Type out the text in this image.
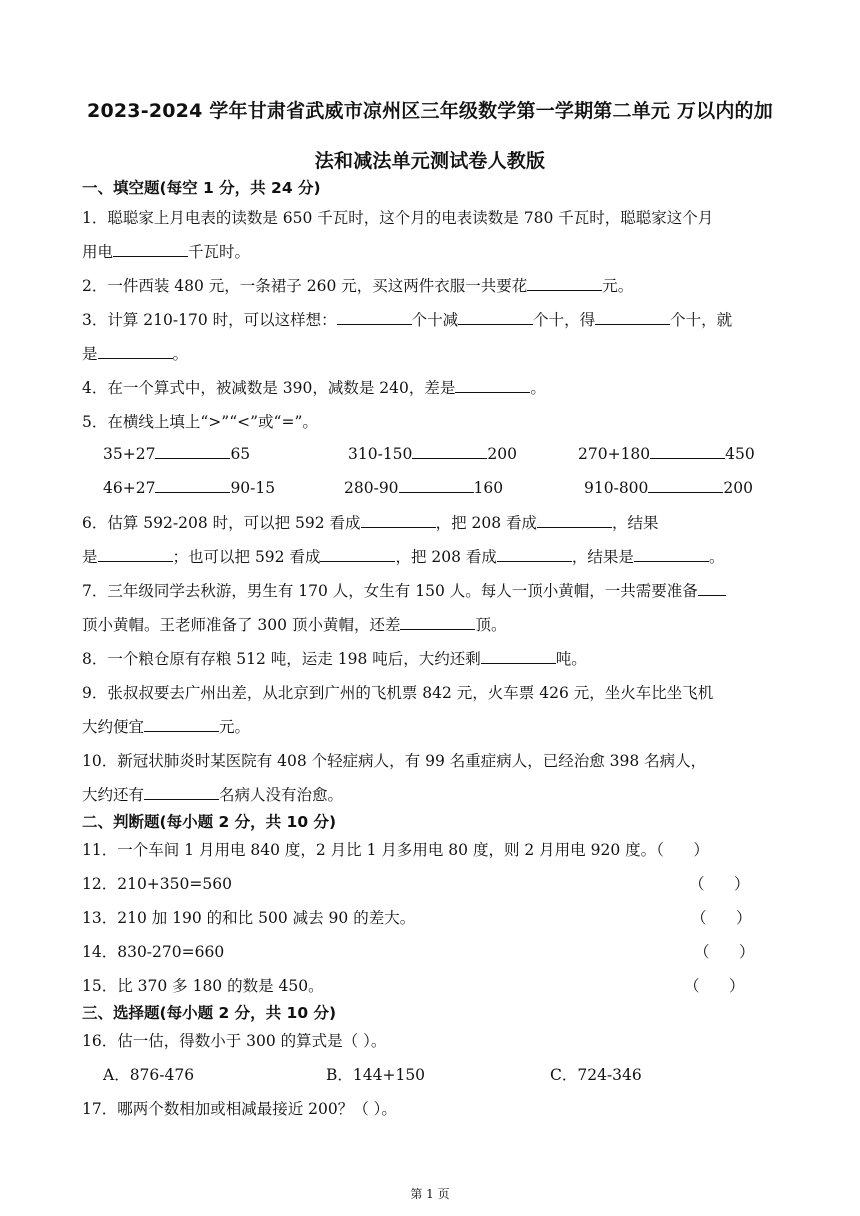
2023-2024 学年甘肃省武威市凉州区三年级数学第一学期第二单元 万以内的加
法和减法单元测试卷人教版
一、填空题(每空 1 分，共 24 分)
1．聪聪家上月电表的读数是 650 千瓦时，这个月的电表读数是 780 千瓦时，聪聪家这个月
用电	千瓦时。
2．一件西装 480 元，一条裙子 260 元，买这两件衣服一共要花	元。
3．计算 210-170 时，可以这样想：	个十减	个十，得	个十，就
是	。
4．在一个算式中，被减数是 390，减数是 240，差是	。
5．在横线上填上“>”“<”或“=”。
35+27	65	310-150	200	270+180	450
46+27	90-15	280-90	160	910-800	200
6．估算 592-208 时，可以把 592 看成	，把 208 看成	，结果
是	；也可以把 592 看成	，把 208 看成	，结果是	。
7．三年级同学去秋游，男生有 170 人，女生有 150 人。每人一顶小黄帽，一共需要准备
顶小黄帽。王老师准备了 300 顶小黄帽，还差	顶。
8．一个粮仓原有存粮 512 吨，运走 198 吨后，大约还剩	吨。
9．张叔叔要去广州出差，从北京到广州的飞机票 842 元，火车票 426 元，坐火车比坐飞机
大约便宜	元。
10．新冠状肺炎时某医院有 408 个轻症病人，有 99 名重症病人，已经治愈 398 名病人，
大约还有	名病人没有治愈。
二、判断题(每小题 2 分，共 10 分)
11．一个车间 1 月用电 840 度，2 月比 1 月多用电 80 度，则 2 月用电 920 度。（      ）
12．210+350=560	（      ）
13．210 加 190 的和比 500 减去 90 的差大。	（      ）
14．830-270=660	（      ）
15．比 370 多 180 的数是 450。	（      ）
三、选择题(每小题 2 分，共 10 分)
16．估一估，得数小于 300 的算式是（ ）。
A．876-476	B．144+150	C．724-346
17．哪两个数相加或相减最接近 200？（ ）。
第 1 页
